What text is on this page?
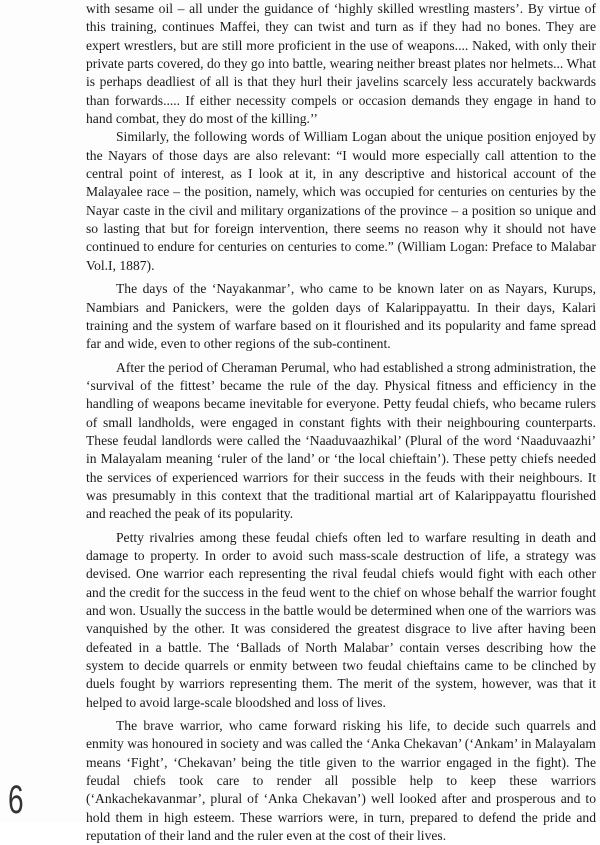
with sesame oil – all under the guidance of ‘highly skilled wrestling masters’. By virtue of this training, continues Maffei, they can twist and turn as if they had no bones. They are expert wrestlers, but are still more proficient in the use of weapons.... Naked, with only their private parts covered, do they go into battle, wearing neither breast plates nor helmets... What is perhaps deadliest of all is that they hurl their javelins scarcely less accurately backwards than forwards..... If either necessity compels or occasion demands they engage in hand to hand combat, they do most of the killing.’’

Similarly, the following words of William Logan about the unique position enjoyed by the Nayars of those days are also relevant: “I would more especially call attention to the central point of interest, as I look at it, in any descriptive and historical account of the Malayalee race – the position, namely, which was occupied for centuries on centuries by the Nayar caste in the civil and military organizations of the province – a position so unique and so lasting that but for foreign intervention, there seems no reason why it should not have continued to endure for centuries on centuries to come.” (William Logan: Preface to Malabar Vol.I, 1887).

The days of the ‘Nayakanmar’, who came to be known later on as Nayars, Kurups, Nambiars and Panickers, were the golden days of Kalarippayattu. In their days, Kalari training and the system of warfare based on it flourished and its popularity and fame spread far and wide, even to other regions of the sub-continent.

After the period of Cheraman Perumal, who had established a strong administration, the ‘survival of the fittest’ became the rule of the day. Physical fitness and efficiency in the handling of weapons became inevitable for everyone. Petty feudal chiefs, who became rulers of small landholds, were engaged in constant fights with their neighbouring counterparts. These feudal landlords were called the ‘Naaduvaazhikal’ (Plural of the word ‘Naaduvaazhi’ in Malayalam meaning ‘ruler of the land’ or ‘the local chieftain’). These petty chiefs needed the services of experienced warriors for their success in the feuds with their neighbours. It was presumably in this context that the traditional martial art of Kalarippayattu flourished and reached the peak of its popularity.

Petty rivalries among these feudal chiefs often led to warfare resulting in death and damage to property. In order to avoid such mass-scale destruction of life, a strategy was devised. One warrior each representing the rival feudal chiefs would fight with each other and the credit for the success in the feud went to the chief on whose behalf the warrior fought and won. Usually the success in the battle would be determined when one of the warriors was vanquished by the other. It was considered the greatest disgrace to live after having been defeated in a battle. The ‘Ballads of North Malabar’ contain verses describing how the system to decide quarrels or enmity between two feudal chieftains came to be clinched by duels fought by warriors representing them. The merit of the system, however, was that it helped to avoid large-scale bloodshed and loss of lives.

The brave warrior, who came forward risking his life, to decide such quarrels and enmity was honoured in society and was called the ‘Anka Chekavan’ (‘Ankam’ in Malayalam means ‘Fight’, ‘Chekavan’ being the title given to the warrior engaged in the fight). The feudal chiefs took care to render all possible help to keep these warriors (‘Ankachekavanmar’, plural of ‘Anka Chekavan’) well looked after and prosperous and to hold them in high esteem. These warriors were, in turn, prepared to defend the pride and reputation of their land and the ruler even at the cost of their lives.

6
